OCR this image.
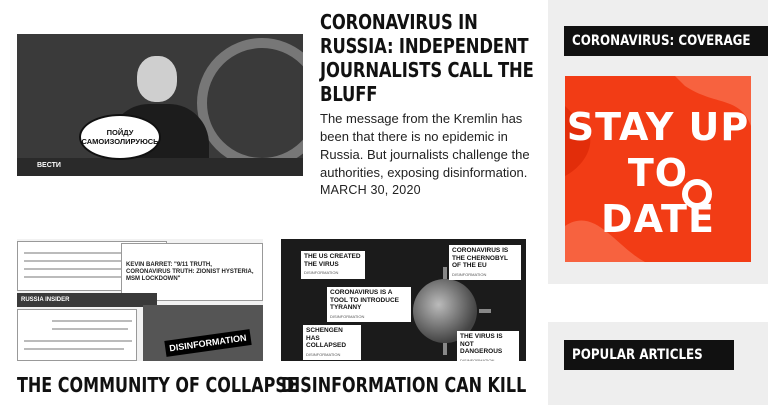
ПОЙДУ САМОИЗОЛИРУЮСЬ
ВЕСТИ
CORONAVIRUS IN RUSSIA: INDEPENDENT JOURNALISTS CALL THE BLUFF

The message from the Kremlin has been that there is no epidemic in Russia. But journalists challenge the authorities, exposing disinformation.

MARCH 30, 2020
KEVIN BARRET: "9/11 TRUTH, CORONAVIRUS TRUTH: ZIONIST HYSTERIA, MSM LOCKDOWN"
RUSSIA INSIDER
DISINFORMATION
THE COMMUNITY OF COLLAPSE
THE US CREATED THE VIRUS
DISINFORMATION
CORONAVIRUS IS THE CHERNOBYL OF THE EU
DISINFORMATION
CORONAVIRUS IS A TOOL TO INTRODUCE TYRANNY
DISINFORMATION
SCHENGEN HAS COLLAPSED
DISINFORMATION
THE VIRUS IS NOT DANGEROUS
DISINFORMATION
DISINFORMATION CAN KILL
CORONAVIRUS: COVERAGE
STAY UP TO DATE
POPULAR ARTICLES
